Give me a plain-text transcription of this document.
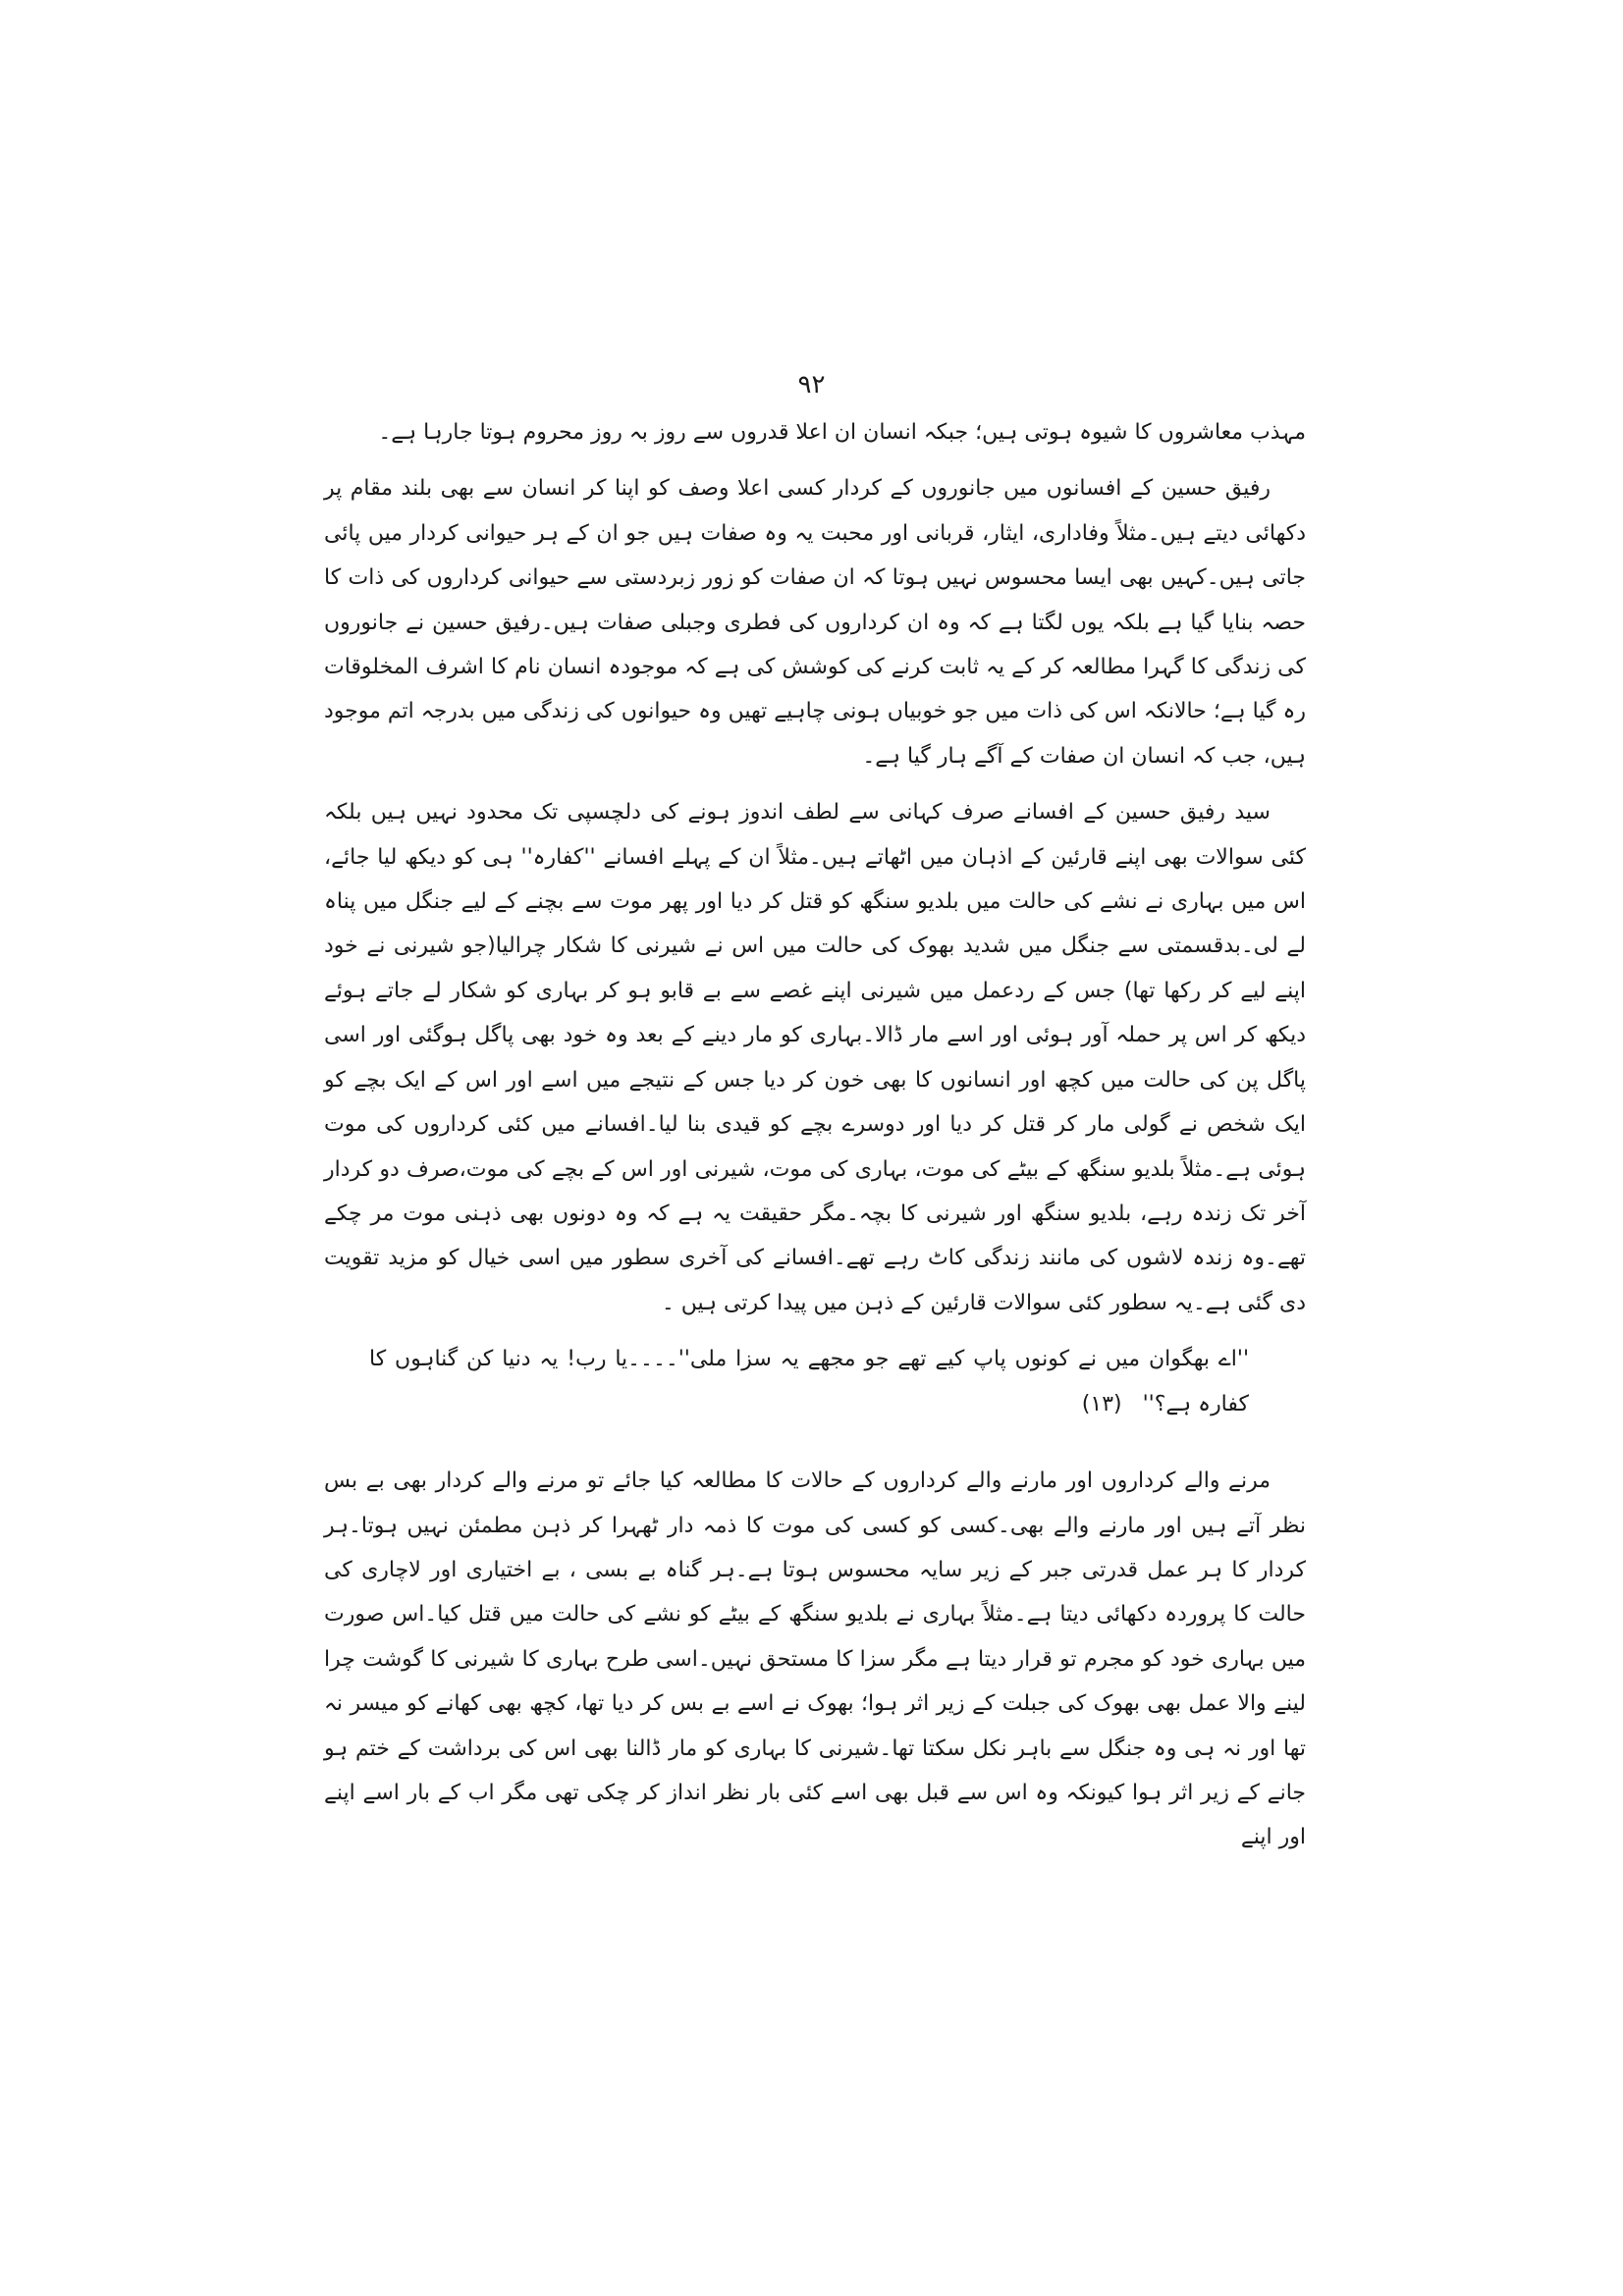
۹۲

مہذب معاشروں کا شیوہ ہوتی ہیں؛ جبکہ انسان ان اعلا قدروں سے روز بہ روز محروم ہوتا جارہا ہے۔

رفیق حسین کے افسانوں میں جانوروں کے کردار کسی اعلا وصف کو اپنا کر انسان سے بھی بلند مقام پر دکھائی دیتے ہیں۔مثلاً وفاداری، ایثار، قربانی اور محبت یہ وہ صفات ہیں جو ان کے ہر حیوانی کردار میں پائی جاتی ہیں۔کہیں بھی ایسا محسوس نہیں ہوتا کہ ان صفات کو زور زبردستی سے حیوانی کرداروں کی ذات کا حصہ بنایا گیا ہے بلکہ یوں لگتا ہے کہ وہ ان کرداروں کی فطری وجبلی صفات ہیں۔رفیق حسین نے جانوروں کی زندگی کا گہرا مطالعہ کر کے یہ ثابت کرنے کی کوشش کی ہے کہ موجودہ انسان نام کا اشرف المخلوقات رہ گیا ہے؛ حالانکہ اس کی ذات میں جو خوبیاں ہونی چاہیے تھیں وہ حیوانوں کی زندگی میں بدرجہ اتم موجود ہیں، جب کہ انسان ان صفات کے آگے ہار گیا ہے۔

سید رفیق حسین کے افسانے صرف کہانی سے لطف اندوز ہونے کی دلچسپی تک محدود نہیں ہیں بلکہ کئی سوالات بھی اپنے قارئین کے اذہان میں اٹھاتے ہیں۔مثلاً ان کے پہلے افسانے ''کفارہ'' ہی کو دیکھ لیا جائے، اس میں بہاری نے نشے کی حالت میں بلدیو سنگھ کو قتل کر دیا اور پھر موت سے بچنے کے لیے جنگل میں پناہ لے لی۔بدقسمتی سے جنگل میں شدید بھوک کی حالت میں اس نے شیرنی کا شکار چرالیا(جو شیرنی نے خود اپنے لیے کر رکھا تھا) جس کے ردعمل میں شیرنی اپنے غصے سے بے قابو ہو کر بہاری کو شکار لے جاتے ہوئے دیکھ کر اس پر حملہ آور ہوئی اور اسے مار ڈالا۔بہاری کو مار دینے کے بعد وہ خود بھی پاگل ہوگئی اور اسی پاگل پن کی حالت میں کچھ اور انسانوں کا بھی خون کر دیا جس کے نتیجے میں اسے اور اس کے ایک بچے کو ایک شخص نے گولی مار کر قتل کر دیا اور دوسرے بچے کو قیدی بنا لیا۔افسانے میں کئی کرداروں کی موت ہوئی ہے۔مثلاً بلدیو سنگھ کے بیٹے کی موت، بہاری کی موت، شیرنی اور اس کے بچے کی موت،صرف دو کردار آخر تک زندہ رہے، بلدیو سنگھ اور شیرنی کا بچہ۔مگر حقیقت یہ ہے کہ وہ دونوں بھی ذہنی موت مر چکے تھے۔وہ زندہ لاشوں کی مانند زندگی کاٹ رہے تھے۔افسانے کی آخری سطور میں اسی خیال کو مزید تقویت دی گئی ہے۔یہ سطور کئی سوالات قارئین کے ذہن میں پیدا کرتی ہیں ۔

''اے بھگوان میں نے کونوں پاپ کیے تھے جو مجھے یہ سزا ملی''۔۔۔۔یا رب! یہ دنیا کن گناہوں کا کفارہ ہے؟'' (۱۳)

مرنے والے کرداروں اور مارنے والے کرداروں کے حالات کا مطالعہ کیا جائے تو مرنے والے کردار بھی بے بس نظر آتے ہیں اور مارنے والے بھی۔کسی کو کسی کی موت کا ذمہ دار ٹھہرا کر ذہن مطمئن نہیں ہوتا۔ہر کردار کا ہر عمل قدرتی جبر کے زیر سایہ محسوس ہوتا ہے۔ہر گناہ بے بسی ، بے اختیاری اور لاچاری کی حالت کا پروردہ دکھائی دیتا ہے۔مثلاً بہاری نے بلدیو سنگھ کے بیٹے کو نشے کی حالت میں قتل کیا۔اس صورت میں بہاری خود کو مجرم تو قرار دیتا ہے مگر سزا کا مستحق نہیں۔اسی طرح بہاری کا شیرنی کا گوشت چرا لینے والا عمل بھی بھوک کی جبلت کے زیر اثر ہوا؛ بھوک نے اسے بے بس کر دیا تھا، کچھ بھی کھانے کو میسر نہ تھا اور نہ ہی وہ جنگل سے باہر نکل سکتا تھا۔شیرنی کا بہاری کو مار ڈالنا بھی اس کی برداشت کے ختم ہو جانے کے زیر اثر ہوا کیونکہ وہ اس سے قبل بھی اسے کئی بار نظر انداز کر چکی تھی مگر اب کے بار اسے اپنے اور اپنے
